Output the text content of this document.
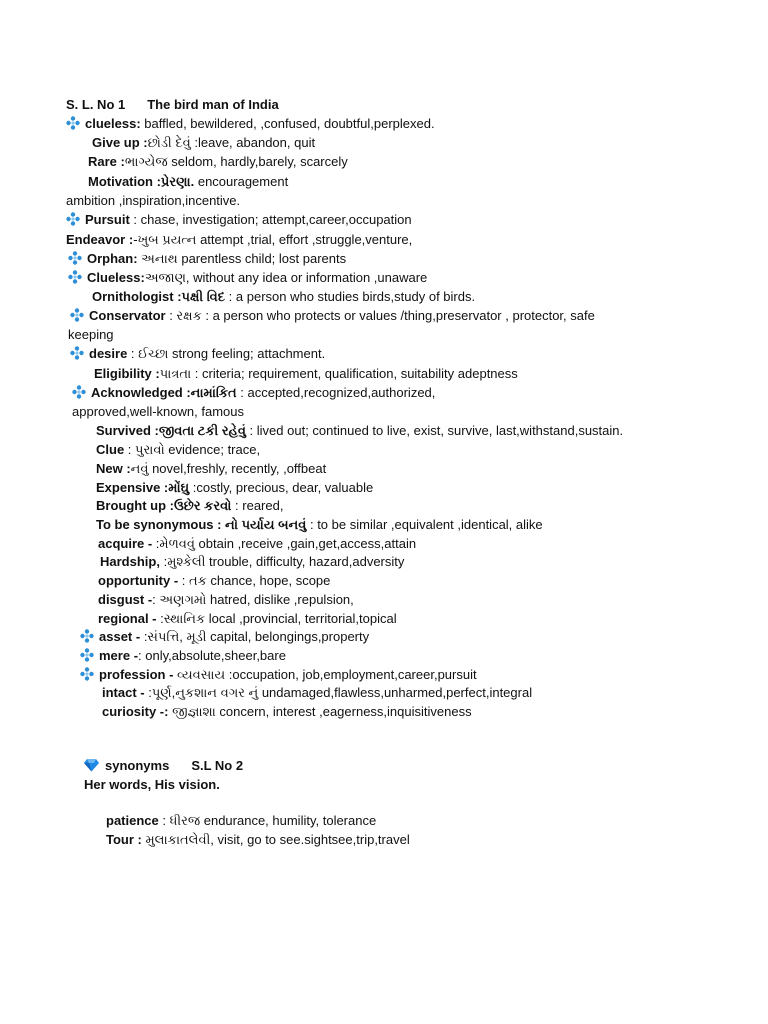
S. L. No 1 The bird man of India
clueless: baffled, bewildered, ,confused, doubtful,perplexed.
Give up :છોડી દેવું :leave, abandon, quit
Rare :ભાગ્યેજ seldom, hardly,barely, scarcely
Motivation :પ્રેરણા. encouragement
ambition ,inspiration,incentive.
Pursuit : chase, investigation; attempt,career,occupation
Endeavor :-ખુબ પ્રયત્ન attempt ,trial, effort ,struggle,venture,
Orphan: અનાથ parentless child; lost parents
Clueless:અજાણ, without any idea or information ,unaware
Ornithologist :પક્ષી વિદ : a person who studies birds,study of birds.
Conservator : રક્ષક : a person who protects or values /thing,preservator , protector, safe
keeping
desire : ઈચ્છા strong feeling; attachment.
Eligibility :પાત્રતા : criteria; requirement, qualification, suitability adeptness
Acknowledged :નામાંકિત : accepted,recognized,authorized,
approved,well-known, famous
Survived :જીવતા ટકી રહેવું : lived out; continued to live, exist, survive, last,withstand,sustain.
Clue : પુરાવો evidence; trace,
New :નવું novel,freshly, recently, ,offbeat
Expensive :મોંઘુ :costly, precious, dear, valuable
Brought up :ઉછેર કરવો : reared,
To be synonymous : નો પર્યાય બનવું : to be similar ,equivalent ,identical, alike
acquire - :મેળવવું obtain ,receive ,gain,get,access,attain
Hardship, :મુશ્કેલી trouble, difficulty, hazard,adversity
opportunity - : તક chance, hope, scope
disgust -: અણગમો hatred, dislike ,repulsion,
regional - :સ્થાનિક local ,provincial, territorial,topical
asset - :સંપત્તિ, મૂડી capital, belongings,property
mere -: only,absolute,sheer,bare
profession - વ્યવસાય :occupation, job,employment,career,pursuit
intact - :પૂર્ણ,નુકશાન વગર નું undamaged,flawless,unharmed,perfect,integral
curiosity -: જીજ્ઞાશા concern, interest ,eagerness,inquisitiveness
synonyms S.L No 2
Her words, His vision.
patience : ધીરજ endurance, humility, tolerance
Tour : મુલાકાતલેવી, visit, go to see.sightsee,trip,travel
